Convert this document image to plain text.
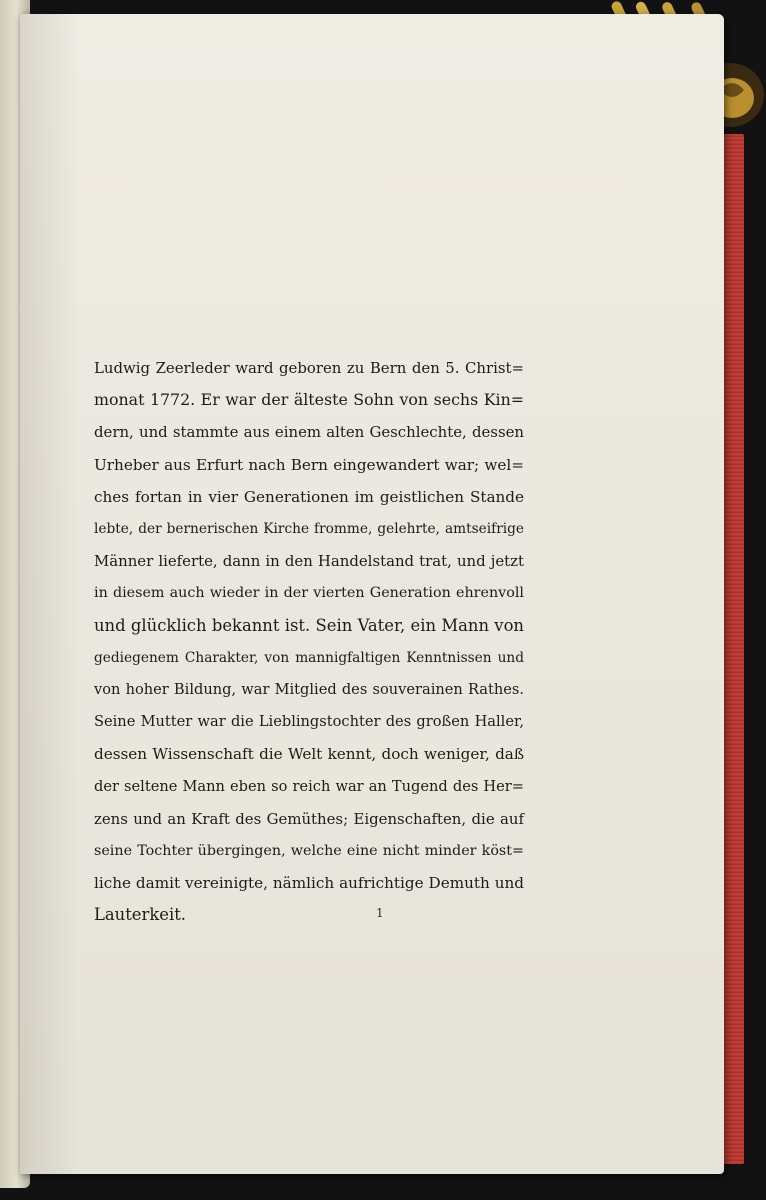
Ludwig Zeerleder ward geboren zu Bern den 5. Christ=
monat 1772. Er war der älteste Sohn von sechs Kin=
dern, und stammte aus einem alten Geschlechte, dessen
Urheber aus Erfurt nach Bern eingewandert war; wel=
ches fortan in vier Generationen im geistlichen Stande
lebte, der bernerischen Kirche fromme, gelehrte, amtseifrige
Männer lieferte, dann in den Handelstand trat, und jetzt
in diesem auch wieder in der vierten Generation ehrenvoll
und glücklich bekannt ist. Sein Vater, ein Mann von
gediegenem Charakter, von mannigfaltigen Kenntnissen und
von hoher Bildung, war Mitglied des souverainen Rathes.
Seine Mutter war die Lieblingstochter des großen Haller,
dessen Wissenschaft die Welt kennt, doch weniger, daß
der seltene Mann eben so reich war an Tugend des Her=
zens und an Kraft des Gemüthes; Eigenschaften, die auf
seine Tochter übergingen, welche eine nicht minder köst=
liche damit vereinigte, nämlich aufrichtige Demuth und
Lauterkeit.	1
